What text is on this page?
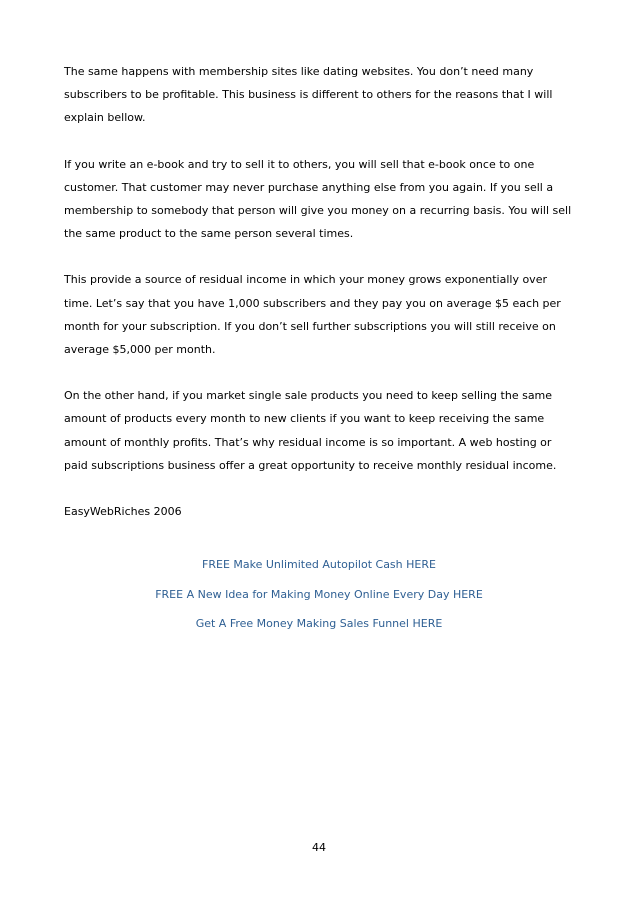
The same happens with membership sites like dating websites. You don’t need many subscribers to be profitable. This business is different to others for the reasons that I will explain bellow.

If you write an e-book and try to sell it to others, you will sell that e-book once to one customer. That customer may never purchase anything else from you again. If you sell a membership to somebody that person will give you money on a recurring basis. You will sell the same product to the same person several times.

This provide a source of residual income in which your money grows exponentially over time. Let’s say that you have 1,000 subscribers and they pay you on average $5 each per month for your subscription. If you don’t sell further subscriptions you will still receive on average $5,000 per month.

On the other hand, if you market single sale products you need to keep selling the same amount of products every month to new clients if you want to keep receiving the same amount of monthly profits. That’s why residual income is so important. A web hosting or paid subscriptions business offer a great opportunity to receive monthly residual income.

EasyWebRiches 2006

FREE Make Unlimited Autopilot Cash HERE
FREE A New Idea for Making Money Online Every Day HERE
Get A Free Money Making Sales Funnel HERE
44
